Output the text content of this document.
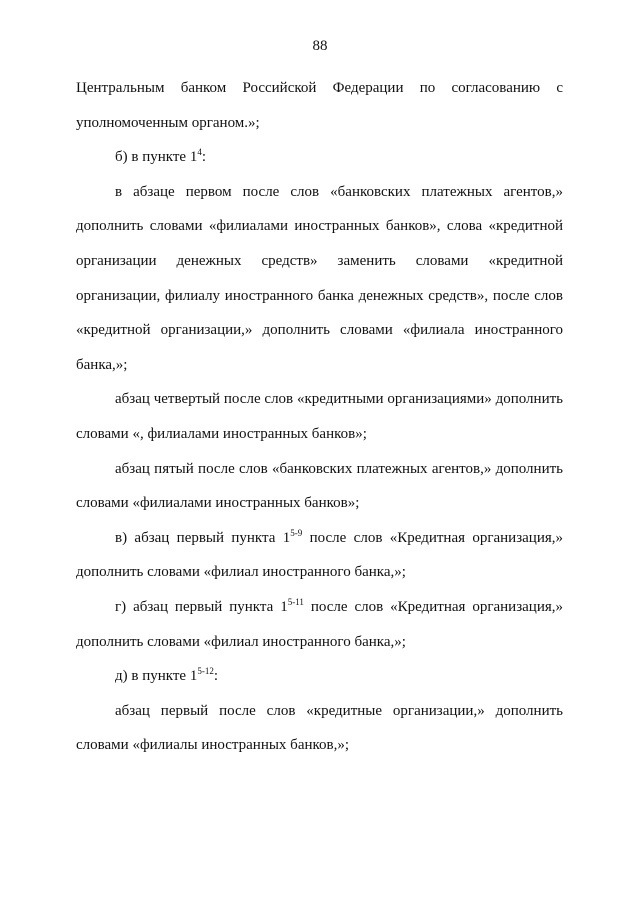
88

Центральным банком Российской Федерации по согласованию с уполномоченным органом.»;

б) в пункте $1^4$:

в абзаце первом после слов «банковских платежных агентов,» дополнить словами «филиалами иностранных банков», слова «кредитной организации денежных средств» заменить словами «кредитной организации, филиалу иностранного банка денежных средств», после слов «кредитной организации,» дополнить словами «филиала иностранного банка,»;

абзац четвертый после слов «кредитными организациями» дополнить словами «, филиалами иностранных банков»;

абзац пятый после слов «банковских платежных агентов,» дополнить словами «филиалами иностранных банков»;

в) абзац первый пункта 1$^{5-9}$ после слов «Кредитная организация,» дополнить словами «филиал иностранного банка,»;

г) абзац первый пункта 1$^{5-11}$ после слов «Кредитная организация,» дополнить словами «филиал иностранного банка,»;

д) в пункте 1$^{5-12}$:

абзац первый после слов «кредитные организации,» дополнить словами «филиалы иностранных банков,»;
